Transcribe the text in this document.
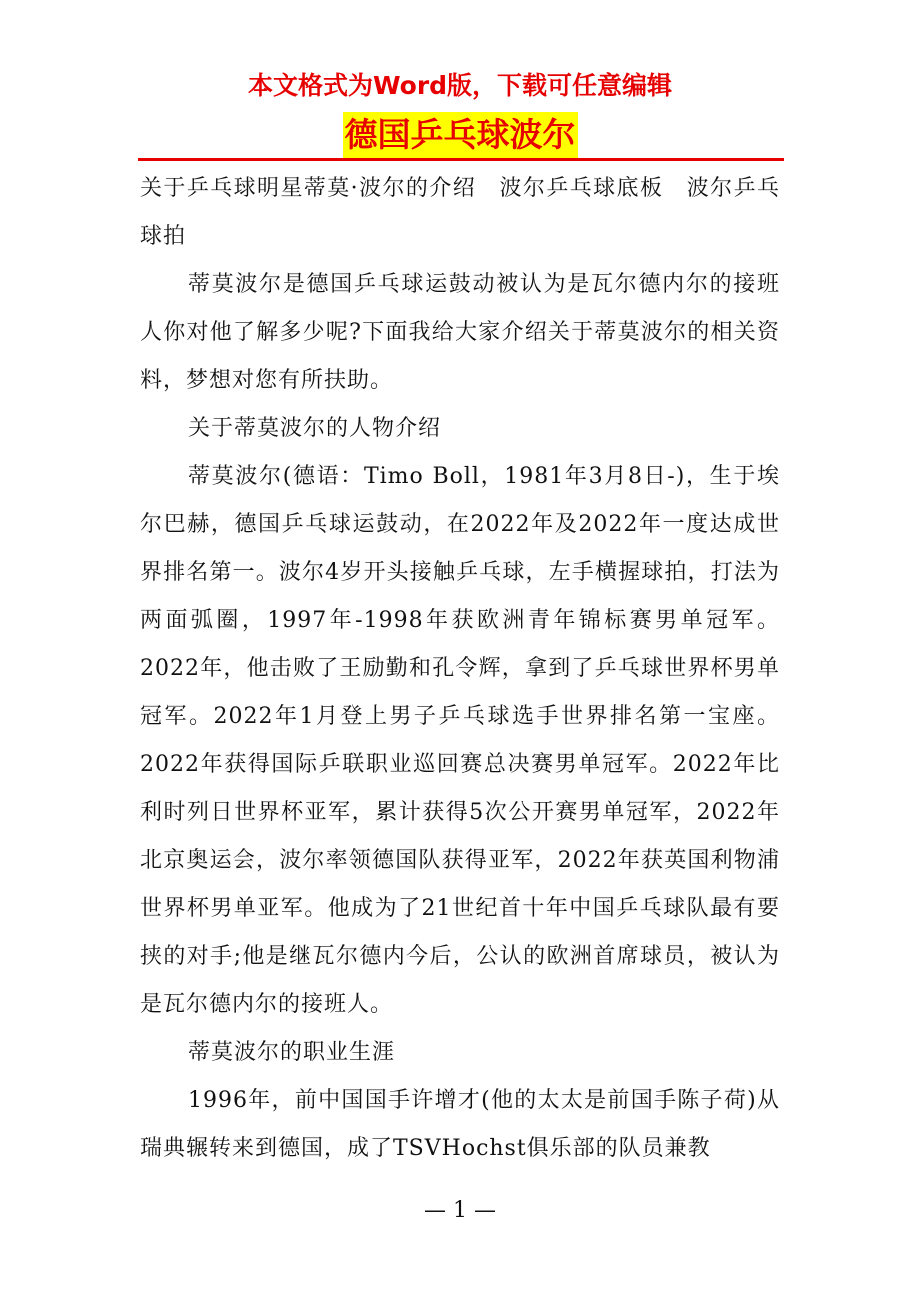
本文格式为Word版，下载可任意编辑
德国乒乓球波尔

关于乒乓球明星蒂莫·波尔的介绍　波尔乒乓球底板　波尔乒乓球拍

蒂莫波尔是德国乒乓球运鼓动被认为是瓦尔德内尔的接班人你对他了解多少呢?下面我给大家介绍关于蒂莫波尔的相关资料，梦想对您有所扶助。

关于蒂莫波尔的人物介绍

蒂莫波尔(德语：Timo Boll，1981年3月8日-)，生于埃尔巴赫，德国乒乓球运鼓动，在2022年及2022年一度达成世界排名第一。波尔4岁开头接触乒乓球，左手横握球拍，打法为两面弧圈，1997年-1998年获欧洲青年锦标赛男单冠军。2022年，他击败了王励勤和孔令辉，拿到了乒乓球世界杯男单冠军。2022年1月登上男子乒乓球选手世界排名第一宝座。2022年获得国际乒联职业巡回赛总决赛男单冠军。2022年比利时列日世界杯亚军，累计获得5次公开赛男单冠军，2022年北京奥运会，波尔率领德国队获得亚军，2022年获英国利物浦世界杯男单亚军。他成为了21世纪首十年中国乒乓球队最有要挟的对手;他是继瓦尔德内今后，公认的欧洲首席球员，被认为是瓦尔德内尔的接班人。

蒂莫波尔的职业生涯

1996年，前中国国手许增才(他的太太是前国手陈子荷)从瑞典辗转来到德国，成了TSVHochst俱乐部的队员兼教

— 1 —
